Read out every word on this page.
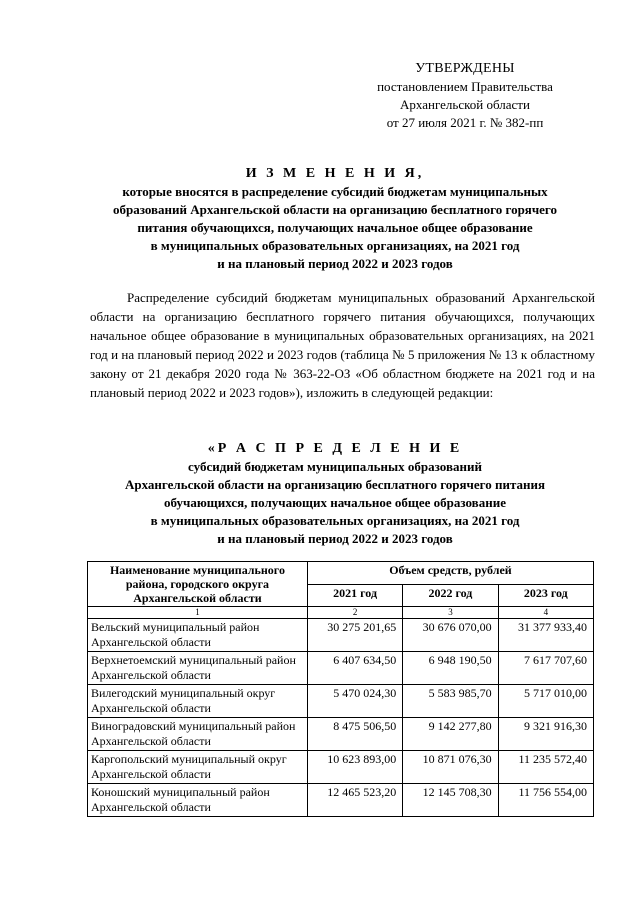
УТВЕРЖДЕНЫ
постановлением Правительства
Архангельской области
от 27 июля 2021 г. № 382-пп
И З М Е Н Е Н И Я,
которые вносятся в распределение субсидий бюджетам муниципальных
образований Архангельской области на организацию бесплатного горячего
питания обучающихся, получающих начальное общее образование
в муниципальных образовательных организациях, на 2021 год
и на плановый период 2022 и 2023 годов

Распределение субсидий бюджетам муниципальных образований Архангельской области на организацию бесплатного горячего питания обучающихся, получающих начальное общее образование в муниципальных образовательных организациях, на 2021 год и на плановый период 2022 и 2023 годов (таблица № 5 приложения № 13 к областному закону от 21 декабря 2020 года № 363-22-ОЗ «Об областном бюджете на 2021 год и на плановый период 2022 и 2023 годов»), изложить в следующей редакции:

«Р А С П Р Е Д Е Л Е Н И Е
субсидий бюджетам муниципальных образований
Архангельской области на организацию бесплатного горячего питания
обучающихся, получающих начальное общее образование
в муниципальных образовательных организациях, на 2021 год
и на плановый период 2022 и 2023 годов
Наименование муниципального района, городского округа Архангельской области	Объем средств, рублей		
	2021 год	2022 год	2023 год
1	2	3	4
Вельский муниципальный район Архангельской области	30 275 201,65	30 676 070,00	31 377 933,40
Верхнетоемский муниципальный район Архангельской области	6 407 634,50	6 948 190,50	7 617 707,60
Вилегодский муниципальный округ Архангельской области	5 470 024,30	5 583 985,70	5 717 010,00
Виноградовский муниципальный район Архангельской области	8 475 506,50	9 142 277,80	9 321 916,30
Каргопольский муниципальный округ Архангельской области	10 623 893,00	10 871 076,30	11 235 572,40
Коношский муниципальный район Архангельской области	12 465 523,20	12 145 708,30	11 756 554,00
